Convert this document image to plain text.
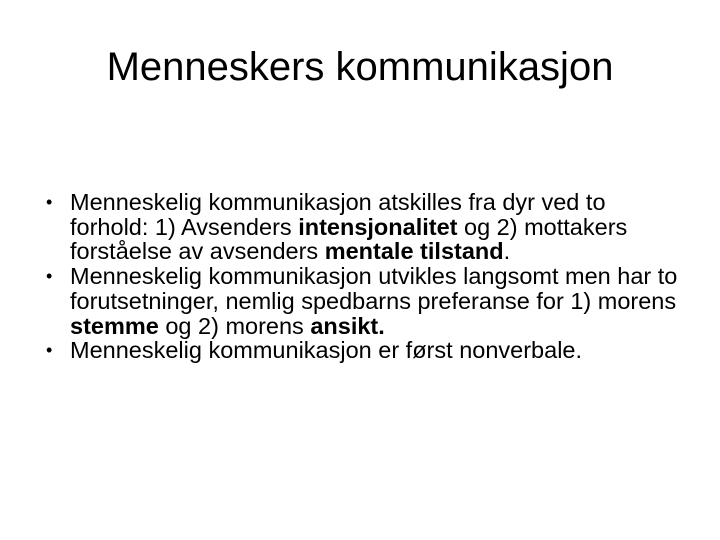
Menneskers kommunikasjon
• Menneskelig kommunikasjon atskilles fra dyr ved to forhold: 1) Avsenders intensjonalitet og 2) mottakers forståelse av avsenders mentale tilstand.
• Menneskelig kommunikasjon utvikles langsomt men har to forutsetninger, nemlig spedbarns preferanse for 1) morens stemme og 2) morens ansikt.
• Menneskelig kommunikasjon er først nonverbale.
